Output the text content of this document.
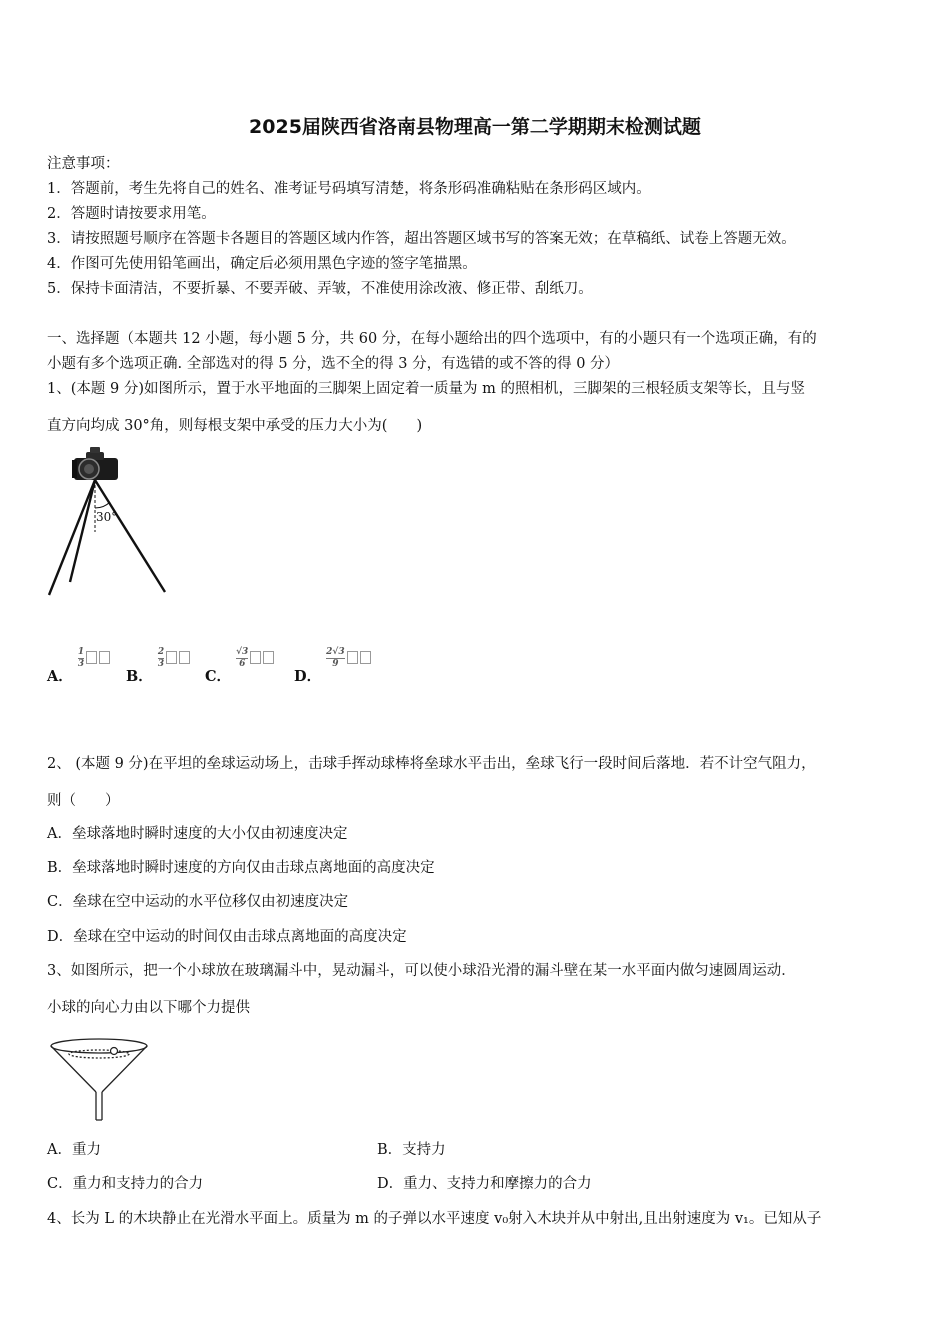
2025届陕西省洛南县物理高一第二学期期末检测试题
注意事项：
1．答题前，考生先将自己的姓名、准考证号码填写清楚，将条形码准确粘贴在条形码区域内。
2．答题时请按要求用笔。
3．请按照题号顺序在答题卡各题目的答题区域内作答，超出答题区域书写的答案无效；在草稿纸、试卷上答题无效。
4．作图可先使用铅笔画出，确定后必须用黑色字迹的签字笔描黑。
5．保持卡面清洁，不要折暴、不要弄破、弄皱，不准使用涂改液、修正带、刮纸刀。
一、选择题（本题共 12 小题，每小题 5 分，共 60 分，在每小题给出的四个选项中，有的小题只有一个选项正确，有的
小题有多个选项正确. 全部选对的得 5 分，选不全的得 3 分，有选错的或不答的得 0 分）
1、(本题 9 分)如图所示，置于水平地面的三脚架上固定着一质量为 m 的照相机，三脚架的三根轻质支架等长，且与竖
直方向均成 30°角，则每根支架中承受的压力大小为(　　)
30°
A．
$\frac{1}{3}$
B．
$\frac{2}{3}$
C．
$\frac{√3}{6}$
D．
$\frac{2√3}{9}$
2、 (本题 9 分)在平坦的垒球运动场上，击球手挥动球棒将垒球水平击出，垒球飞行一段时间后落地．若不计空气阻力，
则（　　）
A．垒球落地时瞬时速度的大小仅由初速度决定
B．垒球落地时瞬时速度的方向仅由击球点离地面的高度决定
C．垒球在空中运动的水平位移仅由初速度决定
D．垒球在空中运动的时间仅由击球点离地面的高度决定
3、如图所示，把一个小球放在玻璃漏斗中，晃动漏斗，可以使小球沿光滑的漏斗壁在某一水平面内做匀速圆周运动．
小球的向心力由以下哪个力提供
A．重力	B．支持力
C．重力和支持力的合力	D．重力、支持力和摩擦力的合力
4、长为 L 的木块静止在光滑水平面上。质量为 m 的子弹以水平速度 v₀射入木块并从中射出,且出射速度为 v₁。已知从子
